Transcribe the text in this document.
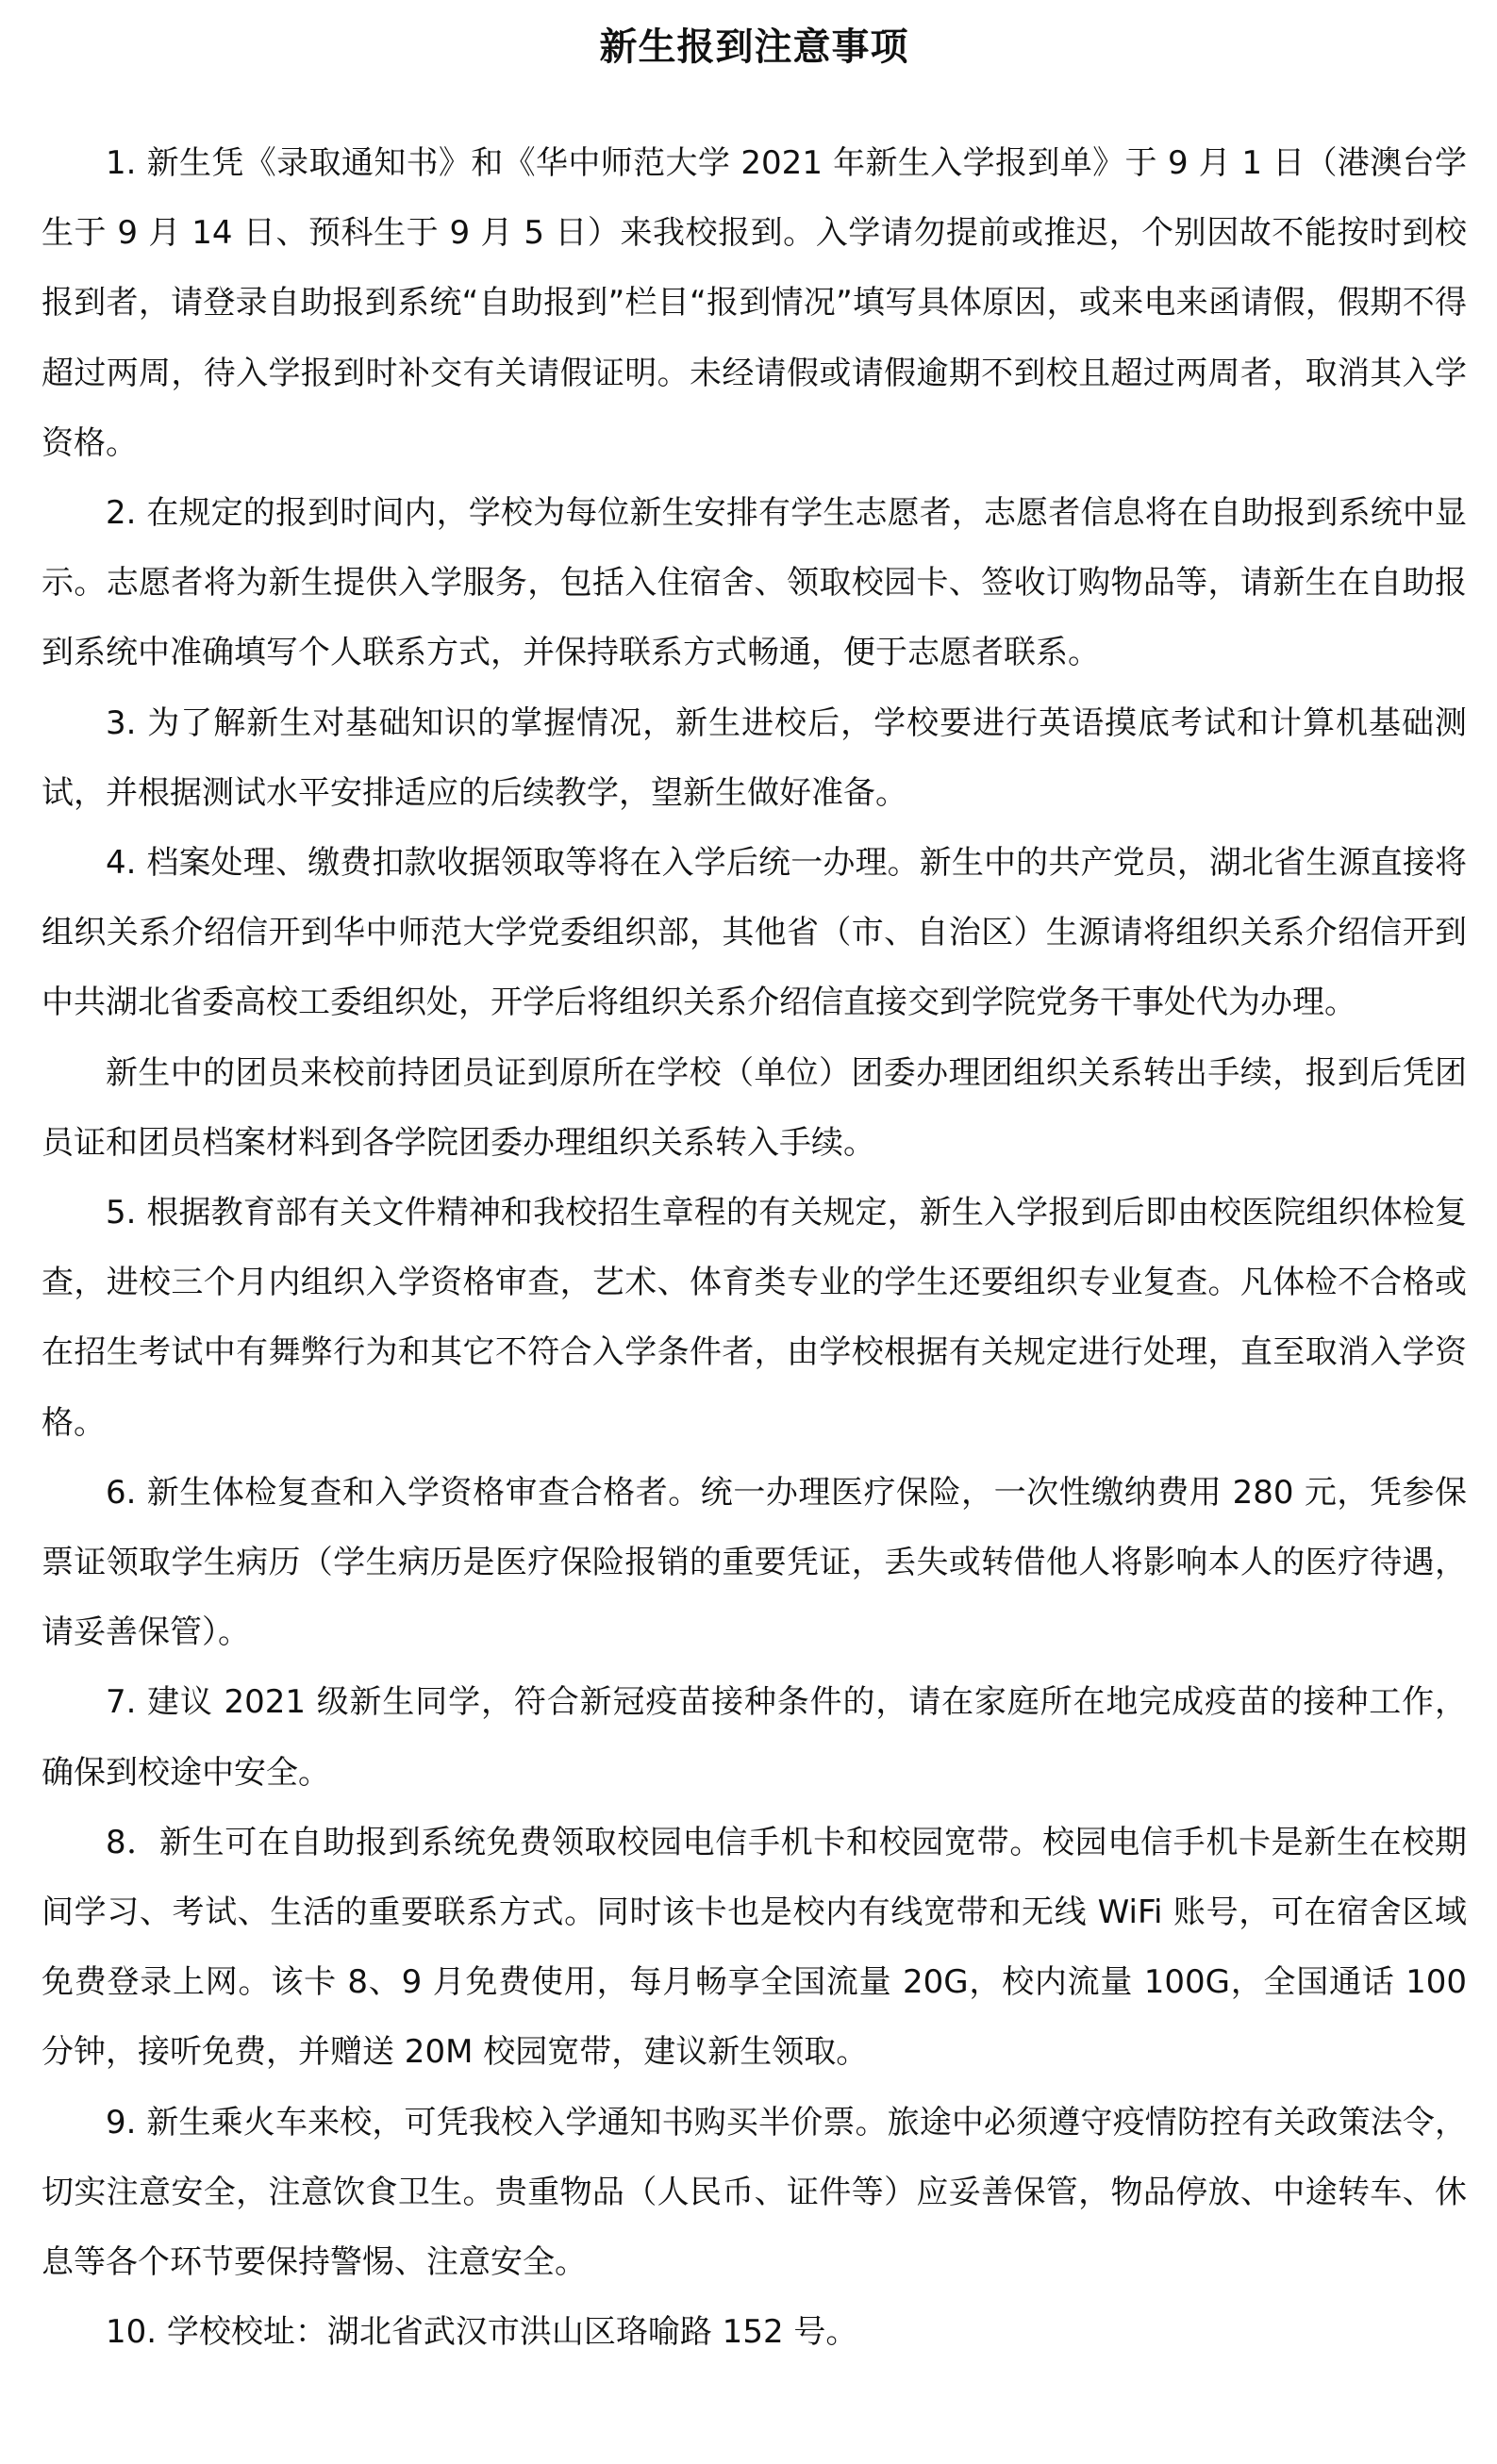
新生报到注意事项

1. 新生凭《录取通知书》和《华中师范大学 2021 年新生入学报到单》于 9 月 1 日（港澳台学生于 9 月 14 日、预科生于 9 月 5 日）来我校报到。入学请勿提前或推迟，个别因故不能按时到校报到者，请登录自助报到系统“自助报到”栏目“报到情况”填写具体原因，或来电来函请假，假期不得超过两周，待入学报到时补交有关请假证明。未经请假或请假逾期不到校且超过两周者，取消其入学资格。

2. 在规定的报到时间内，学校为每位新生安排有学生志愿者，志愿者信息将在自助报到系统中显示。志愿者将为新生提供入学服务，包括入住宿舍、领取校园卡、签收订购物品等，请新生在自助报到系统中准确填写个人联系方式，并保持联系方式畅通，便于志愿者联系。

3. 为了解新生对基础知识的掌握情况，新生进校后，学校要进行英语摸底考试和计算机基础测试，并根据测试水平安排适应的后续教学，望新生做好准备。

4. 档案处理、缴费扣款收据领取等将在入学后统一办理。新生中的共产党员，湖北省生源直接将组织关系介绍信开到华中师范大学党委组织部，其他省（市、自治区）生源请将组织关系介绍信开到中共湖北省委高校工委组织处，开学后将组织关系介绍信直接交到学院党务干事处代为办理。

新生中的团员来校前持团员证到原所在学校（单位）团委办理团组织关系转出手续，报到后凭团员证和团员档案材料到各学院团委办理组织关系转入手续。

5. 根据教育部有关文件精神和我校招生章程的有关规定，新生入学报到后即由校医院组织体检复查，进校三个月内组织入学资格审查，艺术、体育类专业的学生还要组织专业复查。凡体检不合格或在招生考试中有舞弊行为和其它不符合入学条件者，由学校根据有关规定进行处理，直至取消入学资格。

6. 新生体检复查和入学资格审查合格者。统一办理医疗保险，一次性缴纳费用 280 元，凭参保票证领取学生病历（学生病历是医疗保险报销的重要凭证，丢失或转借他人将影响本人的医疗待遇，请妥善保管）。

7. 建议 2021 级新生同学，符合新冠疫苗接种条件的，请在家庭所在地完成疫苗的接种工作，确保到校途中安全。

8．新生可在自助报到系统免费领取校园电信手机卡和校园宽带。校园电信手机卡是新生在校期间学习、考试、生活的重要联系方式。同时该卡也是校内有线宽带和无线 WiFi 账号，可在宿舍区域免费登录上网。该卡 8、9 月免费使用，每月畅享全国流量 20G，校内流量 100G，全国通话 100 分钟，接听免费，并赠送 20M 校园宽带，建议新生领取。

9. 新生乘火车来校，可凭我校入学通知书购买半价票。旅途中必须遵守疫情防控有关政策法令，切实注意安全，注意饮食卫生。贵重物品（人民币、证件等）应妥善保管，物品停放、中途转车、休息等各个环节要保持警惕、注意安全。

10. 学校校址：湖北省武汉市洪山区珞喻路 152 号。
